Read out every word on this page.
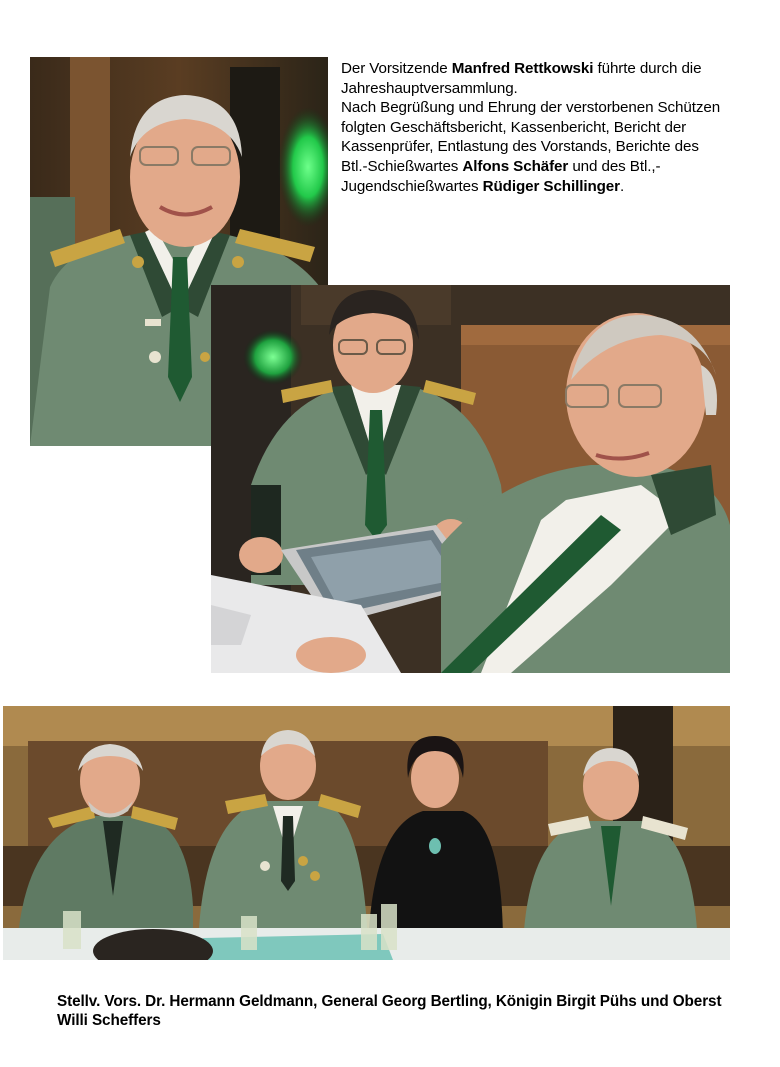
Der Vorsitzende Manfred Rettkowski führte durch die Jahreshauptversammlung.

Nach Begrüßung und Ehrung der verstorbenen Schützen folgten Geschäftsbericht, Kassenbericht, Bericht der Kassenprüfer, Entlastung des Vorstands, Berichte des Btl.-Schießwartes Alfons Schäfer und des Btl.,-Jugendschießwartes Rüdiger Schillinger.

Stellv. Vors. Dr. Hermann Geldmann, General Georg Bertling, Königin Birgit Pühs und Oberst Willi Scheffers
